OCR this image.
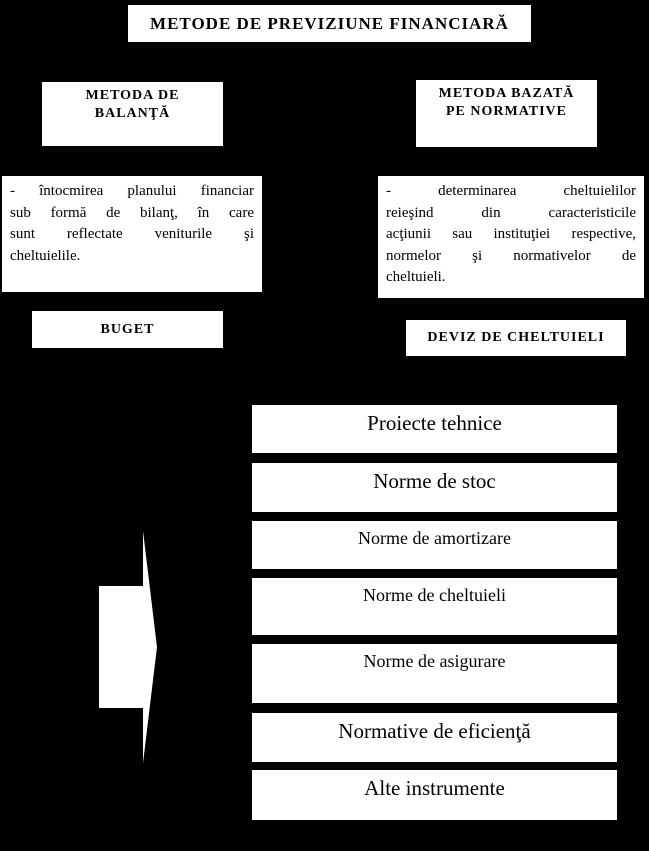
METODE DE PREVIZIUNE FINANCIARĂ
METODA DE
BALANŢĂ
METODA BAZATĂ
PE NORMATIVE
- întocmirea planului financiar
sub formă de bilanţ, în care
sunt reflectate veniturile şi
cheltuielile.
- determinarea cheltuielilor
reieşind din caracteristicile
acţiunii sau instituţiei respective,
normelor şi normativelor de
cheltuieli.
BUGET
DEVIZ DE CHELTUIELI
Proiecte tehnice
Norme de stoc
Norme de amortizare
Norme de cheltuieli
Norme de asigurare
Normative de eficienţă
Alte instrumente
